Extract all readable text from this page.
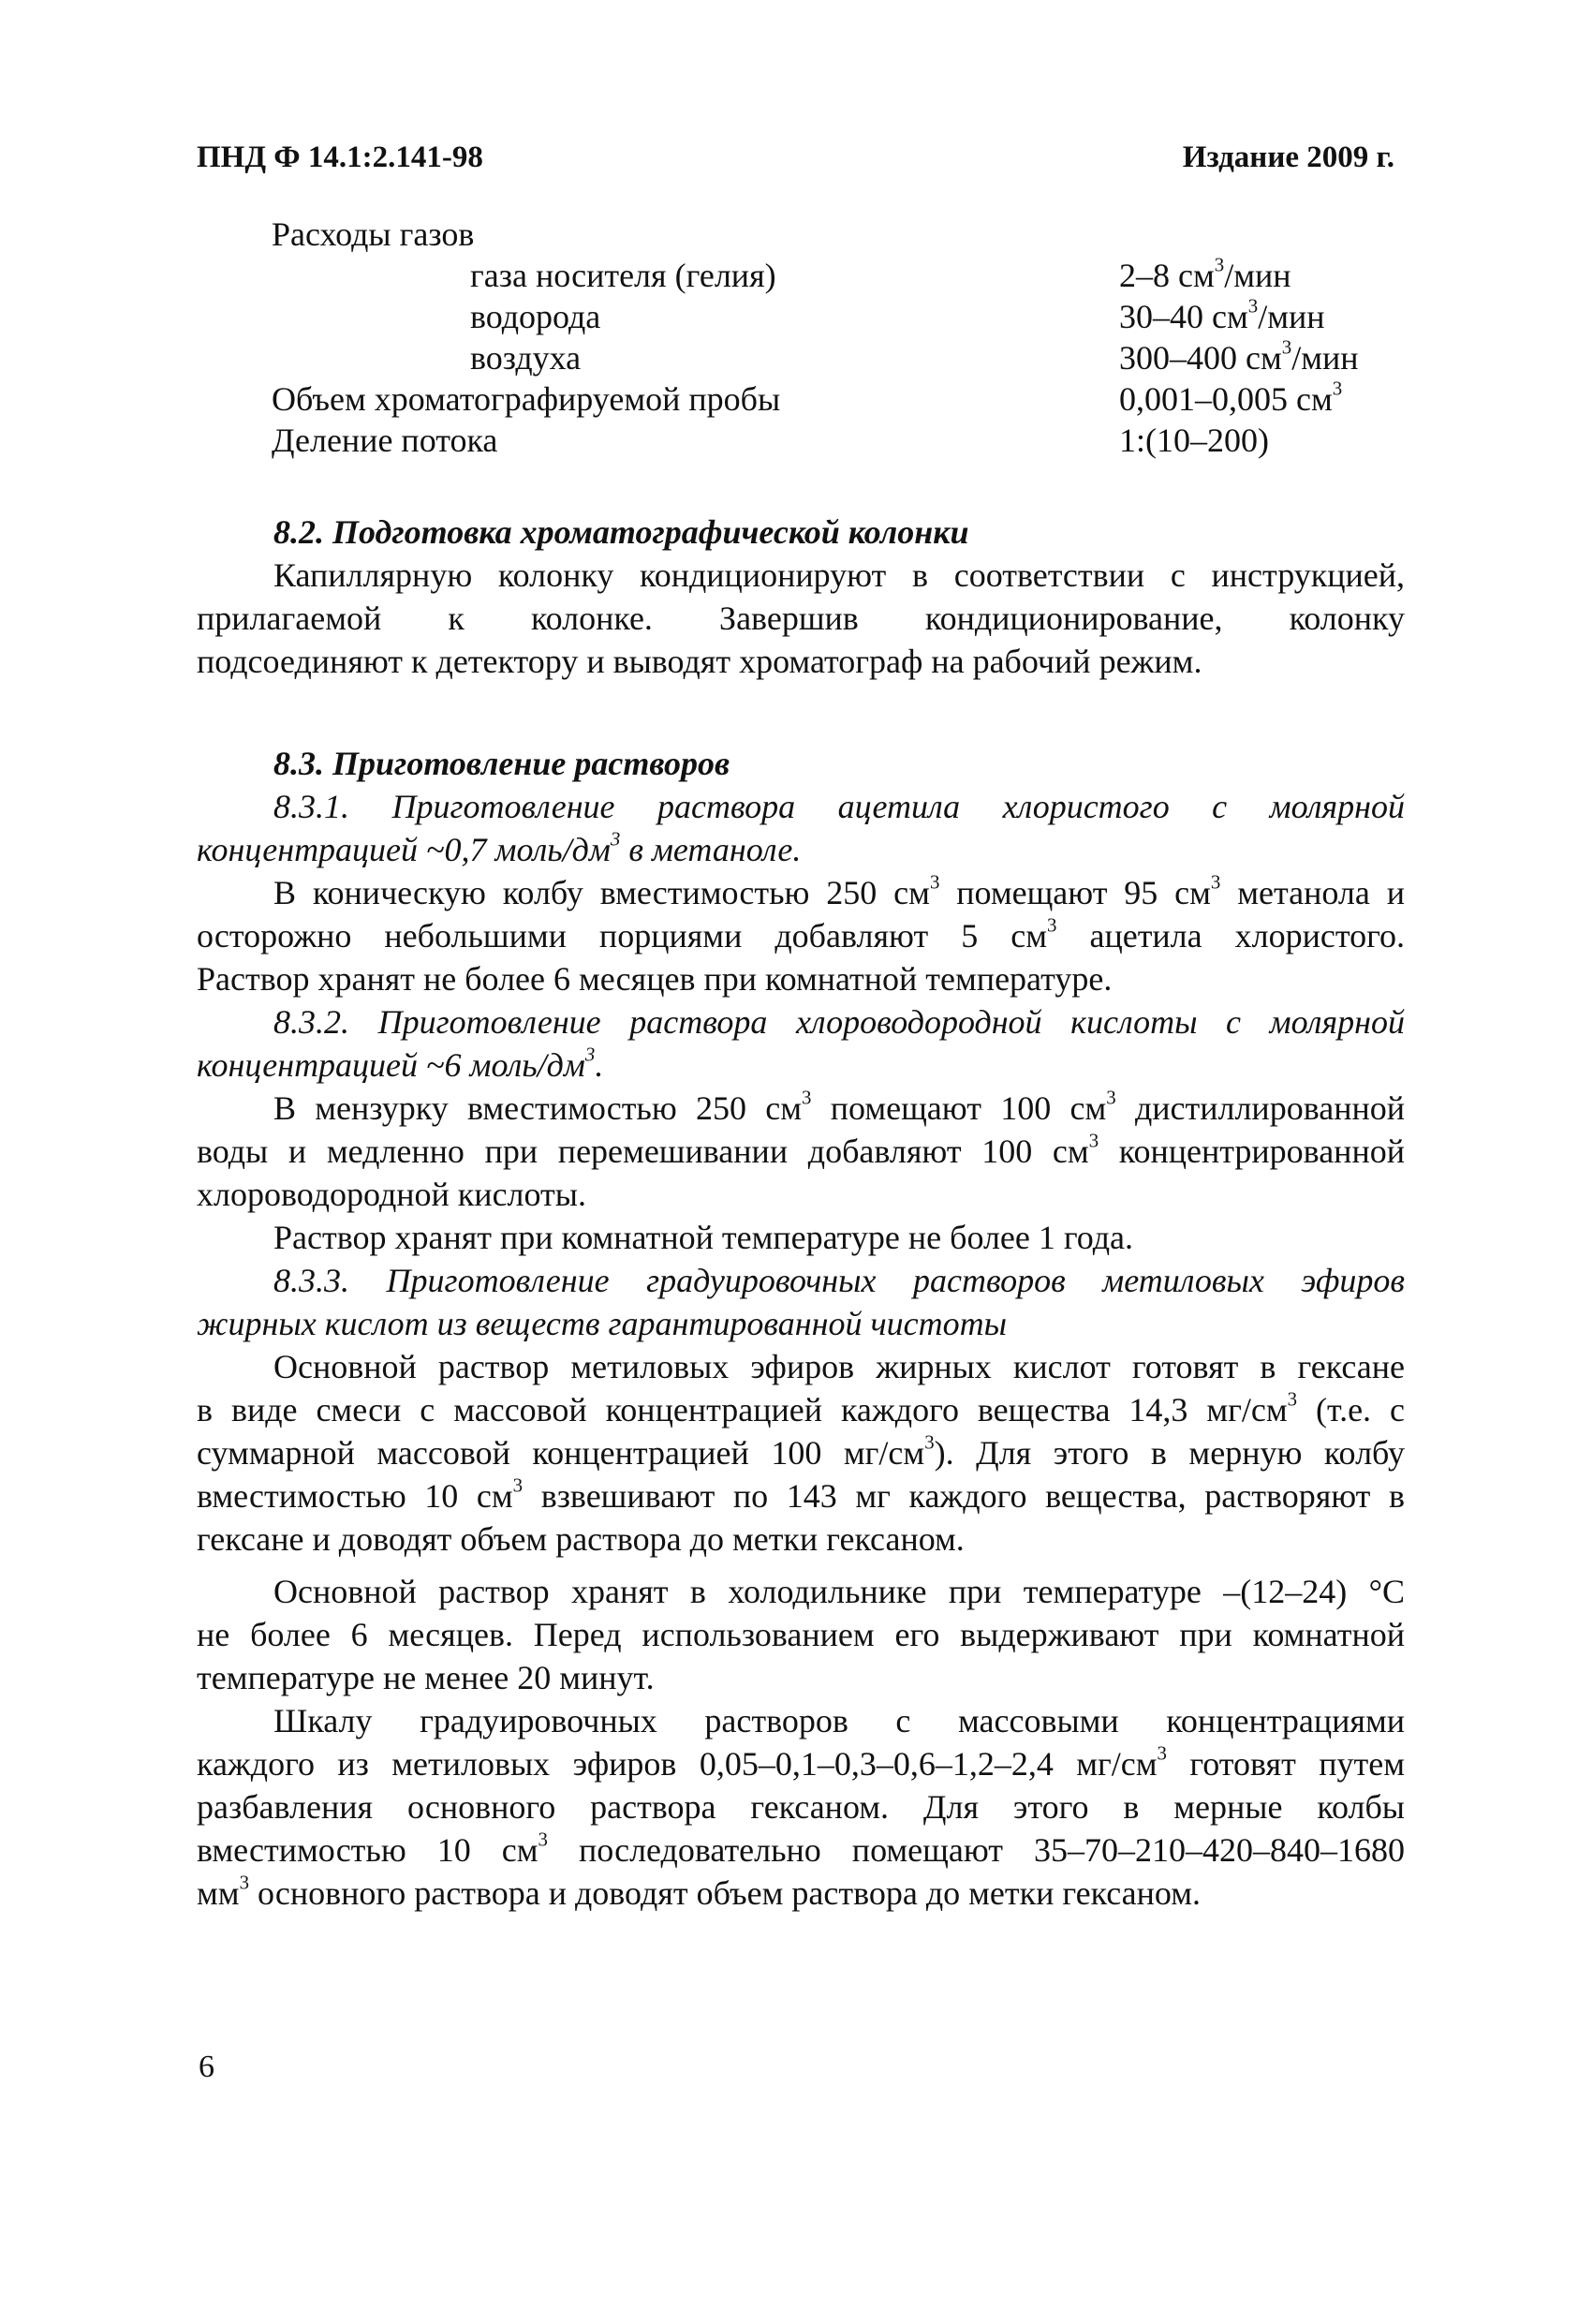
ПНД Ф 14.1:2.141-98	Издание 2009 г.
Расходы газов
газа носителя (гелия)	2–8 $см^3$/мин
водорода	30–40 $см^3$/мин
воздуха	300–400 $см^3$/мин
Объем хроматографируемой пробы	0,001–0,005 $см^3$
Деление потока	1:(10–200)
8.2. Подготовка хроматографической колонки
Капиллярную колонку кондиционируют в соответствии с инструкцией,
прилагаемой к колонке. Завершив кондиционирование, колонку
подсоединяют к детектору и выводят хроматограф на рабочий режим.
8.3. Приготовление растворов
8.3.1. Приготовление раствора ацетила хлористого с молярной
концентрацией ~0,7 моль/$дм^3$ в метаноле.
В коническую колбу вместимостью 250 $см^3$ помещают 95 $см^3$ метанола и
осторожно небольшими порциями добавляют 5 $см^3$ ацетила хлористого.
Раствор хранят не более 6 месяцев при комнатной температуре.
8.3.2. Приготовление раствора хлороводородной кислоты с молярной
концентрацией ~6 моль/$дм^3$.
В мензурку вместимостью 250 $см^3$ помещают 100 $см^3$ дистиллированной
воды и медленно при перемешивании добавляют 100 $см^3$ концентрированной
хлороводородной кислоты.
Раствор хранят при комнатной температуре не более 1 года.
8.3.3. Приготовление градуировочных растворов метиловых эфиров
жирных кислот из веществ гарантированной чистоты
Основной раствор метиловых эфиров жирных кислот готовят в гексане
в виде смеси с массовой концентрацией каждого вещества 14,3 $мг/см^3$ (т.е. с
суммарной массовой концентрацией 100 $мг/см^3$). Для этого в мерную колбу
вместимостью 10 $см^3$ взвешивают по 143 мг каждого вещества, растворяют в
гексане и доводят объем раствора до метки гексаном.
Основной раствор хранят в холодильнике при температуре –(12–24) °С
не более 6 месяцев. Перед использованием его выдерживают при комнатной
температуре не менее 20 минут.
Шкалу градуировочных растворов с массовыми концентрациями
каждого из метиловых эфиров 0,05–0,1–0,3–0,6–1,2–2,4 $мг/см^3$ готовят путем
разбавления основного раствора гексаном. Для этого в мерные колбы
вместимостью 10 $см^3$ последовательно помещают 35–70–210–420–840–1680
$мм^3$ основного раствора и доводят объем раствора до метки гексаном.
6
